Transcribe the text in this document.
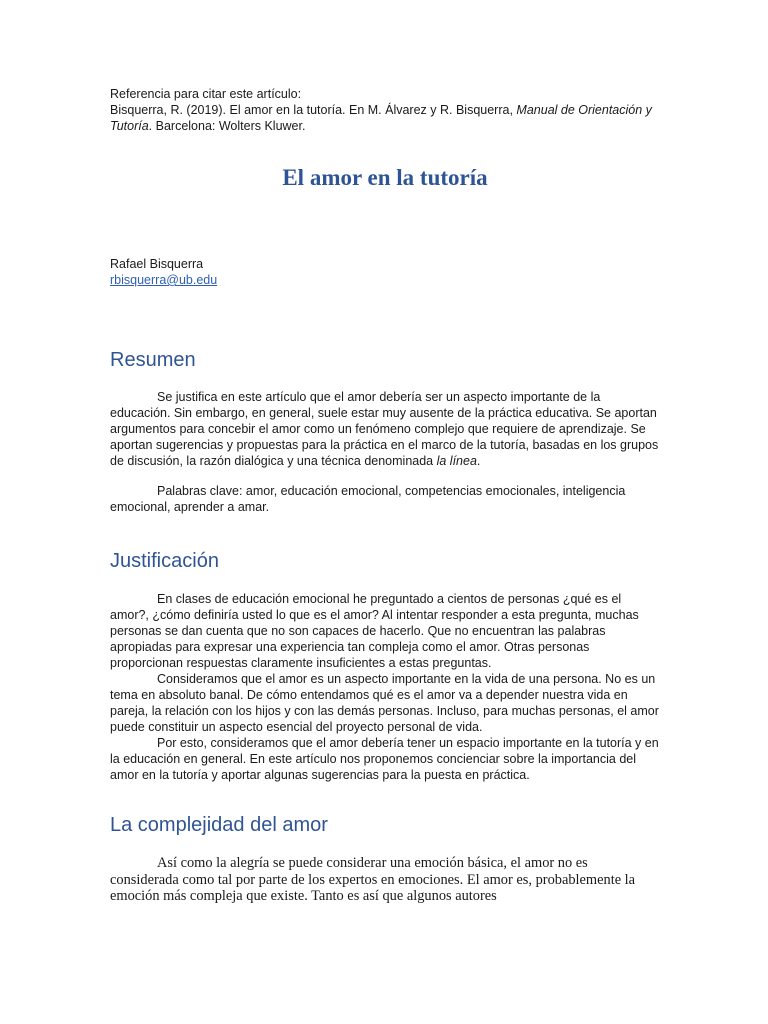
Referencia para citar este artículo:
Bisquerra, R. (2019). El amor en la tutoría. En M. Álvarez y R. Bisquerra, Manual de Orientación y Tutoría. Barcelona: Wolters Kluwer.

El amor en la tutoría
Rafael Bisquerra
rbisquerra@ub.edu
Resumen

Se justifica en este artículo que el amor debería ser un aspecto importante de la educación. Sin embargo, en general, suele estar muy ausente de la práctica educativa. Se aportan argumentos para concebir el amor como un fenómeno complejo que requiere de aprendizaje. Se aportan sugerencias y propuestas para la práctica en el marco de la tutoría, basadas en los grupos de discusión, la razón dialógica y una técnica denominada la línea.

Palabras clave: amor, educación emocional, competencias emocionales, inteligencia emocional, aprender a amar.

Justificación

En clases de educación emocional he preguntado a cientos de personas ¿qué es el amor?, ¿cómo definiría usted lo que es el amor? Al intentar responder a esta pregunta, muchas personas se dan cuenta que no son capaces de hacerlo. Que no encuentran las palabras apropiadas para expresar una experiencia tan compleja como el amor. Otras personas proporcionan respuestas claramente insuficientes a estas preguntas.

Consideramos que el amor es un aspecto importante en la vida de una persona. No es un tema en absoluto banal. De cómo entendamos qué es el amor va a depender nuestra vida en pareja, la relación con los hijos y con las demás personas. Incluso, para muchas personas, el amor puede constituir un aspecto esencial del proyecto personal de vida.

Por esto, consideramos que el amor debería tener un espacio importante en la tutoría y en la educación en general. En este artículo nos proponemos concienciar sobre la importancia del amor en la tutoría y aportar algunas sugerencias para la puesta en práctica.

La complejidad del amor

Así como la alegría se puede considerar una emoción básica, el amor no es considerada como tal por parte de los expertos en emociones. El amor es, probablemente la emoción más compleja que existe. Tanto es así que algunos autores
